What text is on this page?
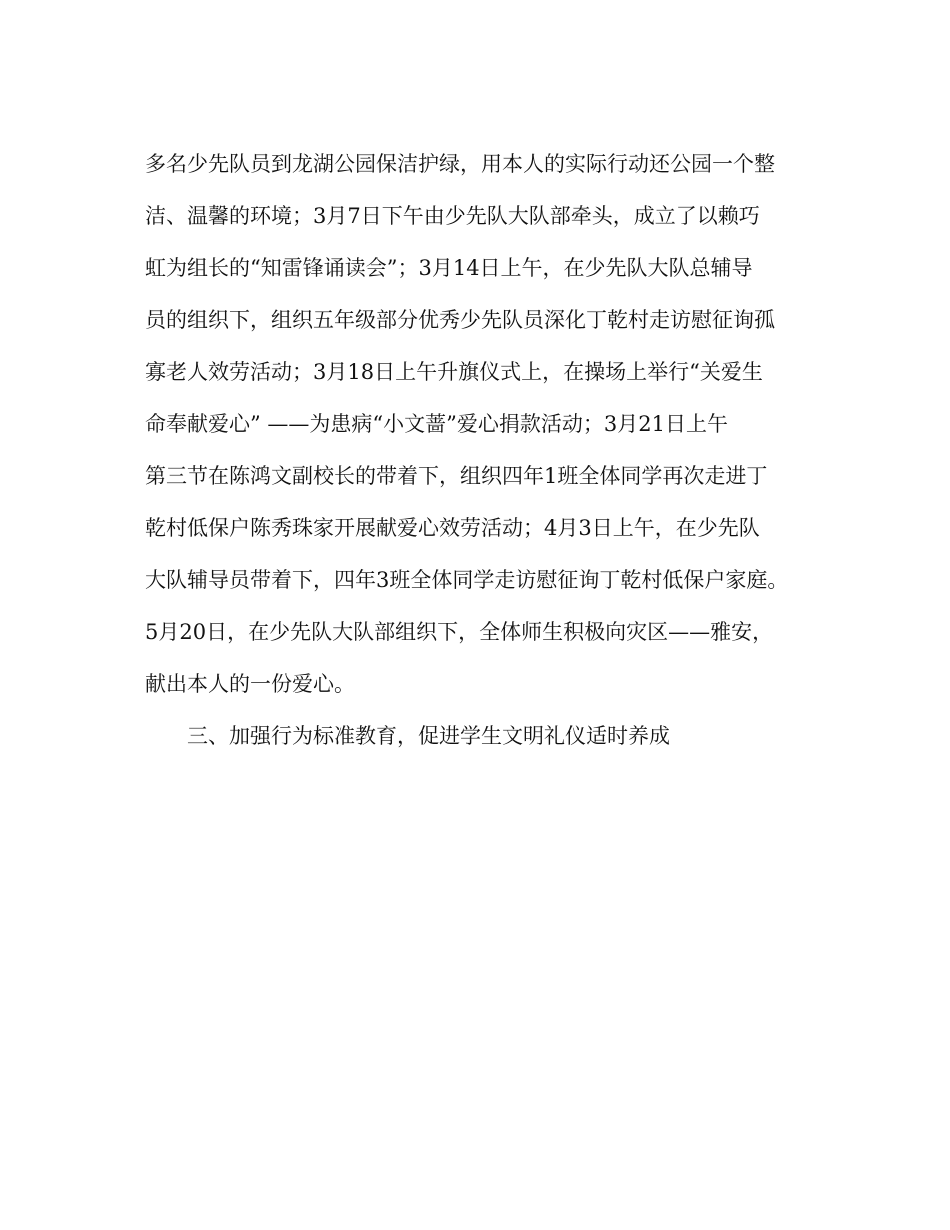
多名少先队员到龙湖公园保洁护绿，用本人的实际行动还公园一个整
洁、温馨的环境；3月7日下午由少先队大队部牵头，成立了以赖巧
虹为组长的“知雷锋诵读会”；3月14日上午，在少先队大队总辅导
员的组织下，组织五年级部分优秀少先队员深化丁乾村走访慰征询孤
寡老人效劳活动；3月18日上午升旗仪式上，在操场上举行“关爱生
命奉献爱心” ——为患病“小文蔷”爱心捐款活动；3月21日上午
第三节在陈鸿文副校长的带着下，组织四年1班全体同学再次走进丁
乾村低保户陈秀珠家开展献爱心效劳活动；4月3日上午，在少先队
大队辅导员带着下，四年3班全体同学走访慰征询丁乾村低保户家庭。
5月20日，在少先队大队部组织下，全体师生积极向灾区——雅安，
献出本人的一份爱心。
三、加强行为标准教育，促进学生文明礼仪适时养成
